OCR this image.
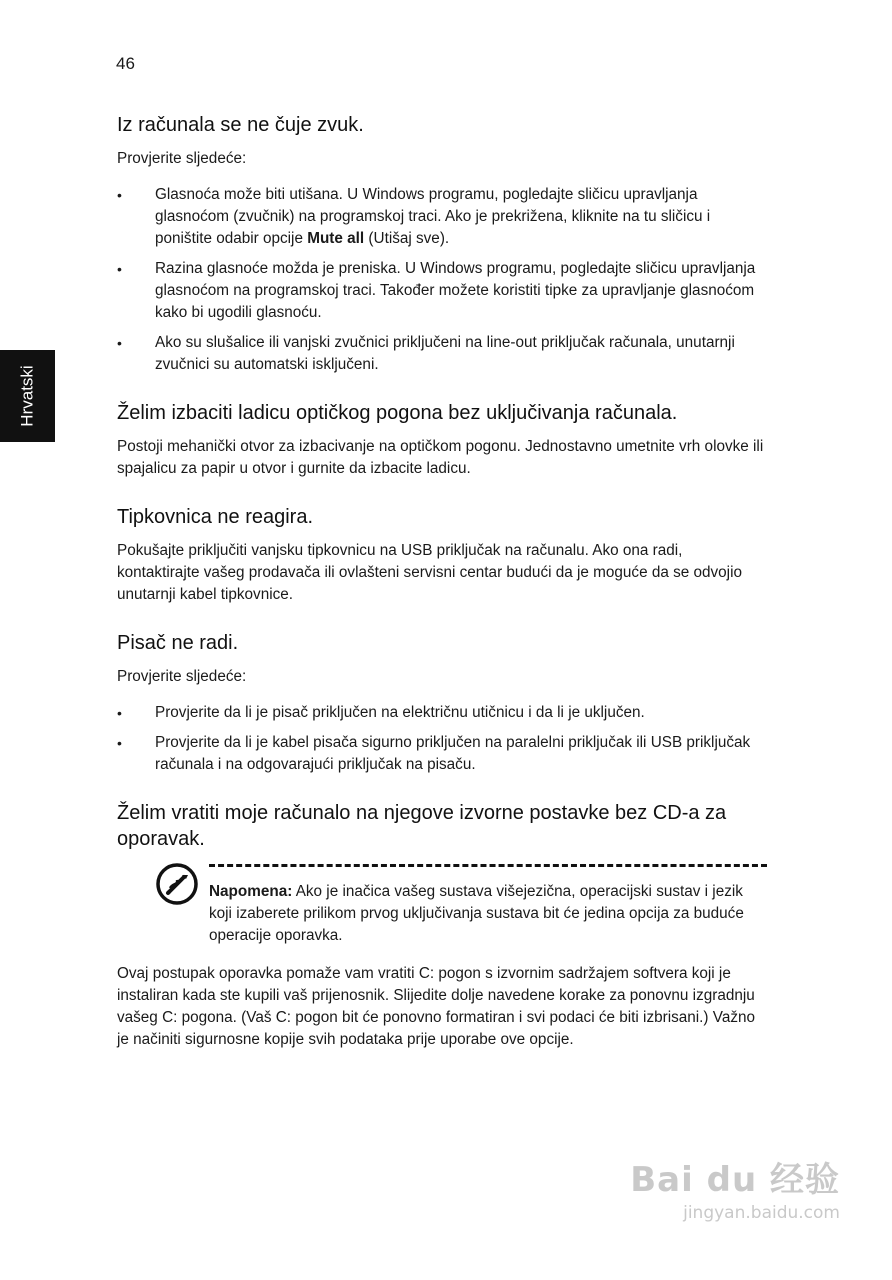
46
Hrvatski
Iz računala se ne čuje zvuk.

Provjerite sljedeće:

• Glasnoća može biti utišana. U Windows programu, pogledajte sličicu upravljanja glasnoćom (zvučnik) na programskoj traci. Ako je prekrižena, kliknite na tu sličicu i poništite odabir opcije Mute all (Utišaj sve).
• Razina glasnoće možda je preniska. U Windows programu, pogledajte sličicu upravljanja glasnoćom na programskoj traci. Također možete koristiti tipke za upravljanje glasnoćom kako bi ugodili glasnoću.
• Ako su slušalice ili vanjski zvučnici priključeni na line-out priključak računala, unutarnji zvučnici su automatski isključeni.
Želim izbaciti ladicu optičkog pogona bez uključivanja računala.

Postoji mehanički otvor za izbacivanje na optičkom pogonu. Jednostavno umetnite vrh olovke ili spajalicu za papir u otvor i gurnite da izbacite ladicu.

Tipkovnica ne reagira.

Pokušajte priključiti vanjsku tipkovnicu na USB priključak na računalu. Ako ona radi, kontaktirajte vašeg prodavača ili ovlašteni servisni centar budući da je moguće da se odvojio unutarnji kabel tipkovnice.

Pisač ne radi.

Provjerite sljedeće:

• Provjerite da li je pisač priključen na električnu utičnicu i da li je uključen.
• Provjerite da li je kabel pisača sigurno priključen na paralelni priključak ili USB priključak računala i na odgovarajući priključak na pisaču.
Želim vratiti moje računalo na njegove izvorne postavke bez CD-a za oporavak.

Napomena: Ako je inačica vašeg sustava višejezična, operacijski sustav i jezik koji izaberete prilikom prvog uključivanja sustava bit će jedina opcija za buduće operacije oporavka.

Ovaj postupak oporavka pomaže vam vratiti C: pogon s izvornim sadržajem softvera koji je instaliran kada ste kupili vaš prijenosnik. Slijedite dolje navedene korake za ponovnu izgradnju vašeg C: pogona. (Vaš C: pogon bit će ponovno formatiran i svi podaci će biti izbrisani.) Važno je načiniti sigurnosne kopije svih podataka prije uporabe ove opcije.

Bai du 经验
jingyan.baidu.com
